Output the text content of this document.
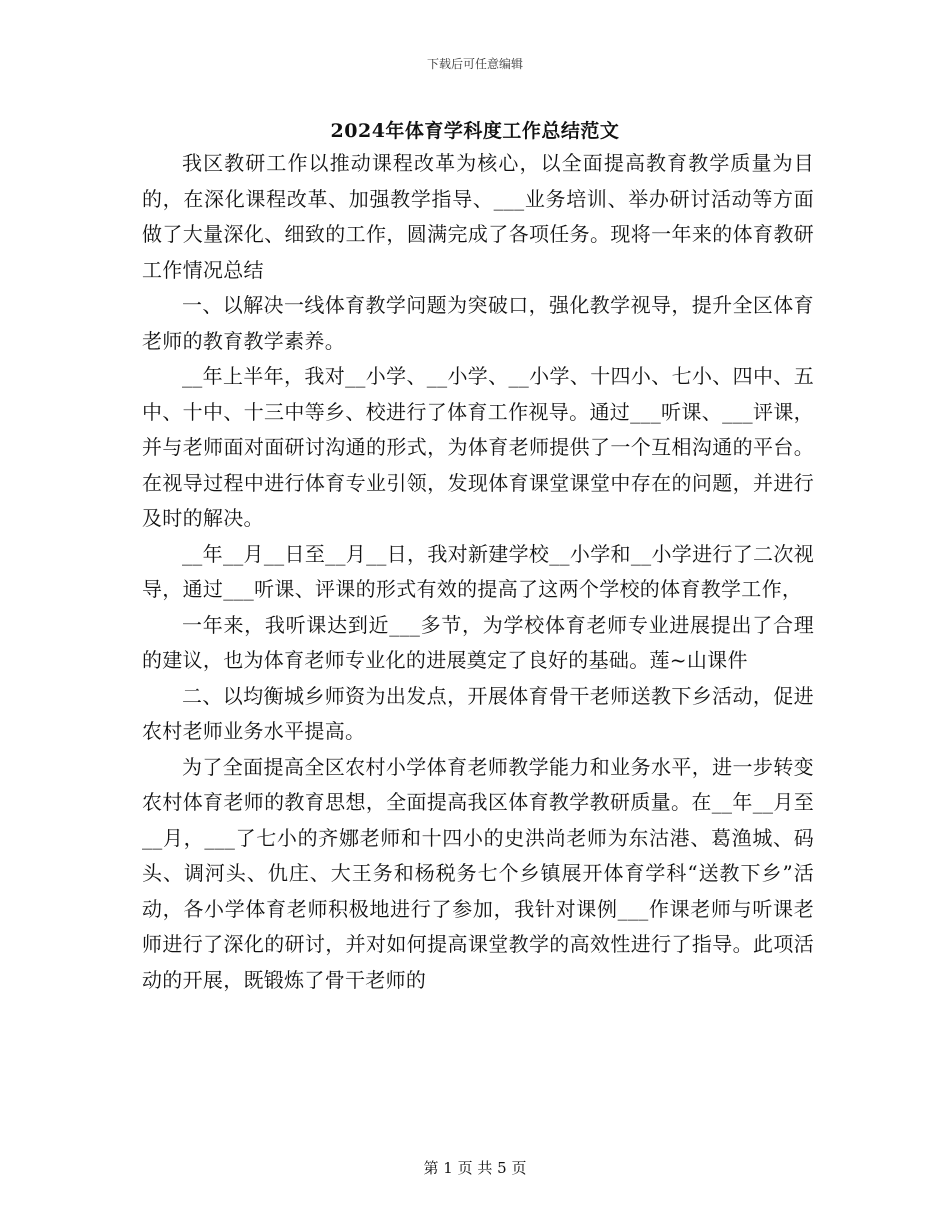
下载后可任意编辑
2024年体育学科度工作总结范文

我区教研工作以推动课程改革为核心，以全面提高教育教学质量为目的，在深化课程改革、加强教学指导、___业务培训、举办研讨活动等方面做了大量深化、细致的工作，圆满完成了各项任务。现将一年来的体育教研工作情况总结

一、以解决一线体育教学问题为突破口，强化教学视导，提升全区体育老师的教育教学素养。

__年上半年，我对__小学、__小学、__小学、十四小、七小、四中、五中、十中、十三中等乡、校进行了体育工作视导。通过___听课、___评课，并与老师面对面研讨沟通的形式，为体育老师提供了一个互相沟通的平台。在视导过程中进行体育专业引领，发现体育课堂课堂中存在的问题，并进行及时的解决。

__年__月__日至__月__日，我对新建学校__小学和__小学进行了二次视导，通过___听课、评课的形式有效的提高了这两个学校的体育教学工作，

一年来，我听课达到近___多节，为学校体育老师专业进展提出了合理的建议，也为体育老师专业化的进展奠定了良好的基础。莲~山课件

二、以均衡城乡师资为出发点，开展体育骨干老师送教下乡活动，促进农村老师业务水平提高。

为了全面提高全区农村小学体育老师教学能力和业务水平，进一步转变农村体育老师的教育思想，全面提高我区体育教学教研质量。在__年__月至__月，___了七小的齐娜老师和十四小的史洪尚老师为东沽港、葛渔城、码头、调河头、仇庄、大王务和杨税务七个乡镇展开体育学科“送教下乡”活动，各小学体育老师积极地进行了参加，我针对课例___作课老师与听课老师进行了深化的研讨，并对如何提高课堂教学的高效性进行了指导。此项活动的开展，既锻炼了骨干老师的

第 1 页 共 5 页
